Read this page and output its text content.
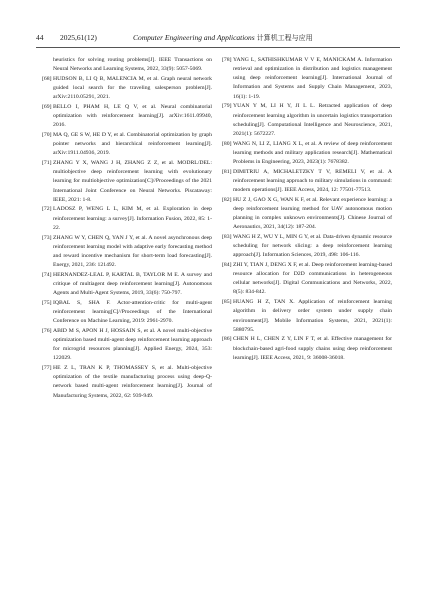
44 2025,61(12)	Computer Engineering and Applications 计算机工程与应用

heuristics for solving routing problems[J]. IEEE Transactions on Neural Networks and Learning Systems, 2022, 33(9): 5057-5069.

[68] HUDSON B, LI Q B, MALENCIA M, et al. Graph neural network guided local search for the traveling salesperson problem[J]. arXiv:2110.05291, 2021.

[69] BELLO I, PHAM H, LE Q V, et al. Neural combinatorial optimization with reinforcement learning[J]. arXiv:1611.09940, 2016.

[70] MA Q, GE S W, HE D Y, et al. Combinatorial optimization by graph pointer networks and hierarchical reinforcement learning[J]. arXiv:1911.04936, 2019.

[71] ZHANG Y X, WANG J H, ZHANG Z Z, et al. MODRL/DEL: multiobjective deep reinforcement learning with evolutionary learning for multiobjective optimization[C]//Proceedings of the 2021 International Joint Conference on Neural Networks. Piscataway: IEEE, 2021: 1-8.

[72] LADOSZ P, WENG L L, KIM M, et al. Exploration in deep reinforcement learning: a survey[J]. Information Fusion, 2022, 85: 1-22.

[73] ZHANG W Y, CHEN Q, YAN J Y, et al. A novel asynchronous deep reinforcement learning model with adaptive early forecasting method and reward incentive mechanism for short-term load forecasting[J]. Energy, 2021, 236: 121492.

[74] HERNANDEZ-LEAL P, KARTAL B, TAYLOR M E. A survey and critique of multiagent deep reinforcement learning[J]. Autonomous Agents and Multi-Agent Systems, 2019, 33(6): 750-797.

[75] IQBAL S, SHA F. Actor-attention-critic for multi-agent reinforcement learning[C]//Proceedings of the International Conference on Machine Learning, 2019: 2961-2970.

[76] ABID M S, APON H J, HOSSAIN S, et al. A novel multi-objective optimization based multi-agent deep reinforcement learning approach for microgrid resources planning[J]. Applied Energy, 2024, 353: 122029.

[77] HE Z L, TRAN K P, THOMASSEY S, et al. Multi-objective optimization of the textile manufacturing process using deep-Q-network based multi-agent reinforcement learning[J]. Journal of Manufacturing Systems, 2022, 62: 939-949.

[78] YANG L, SATHISHKUMAR V V E, MANICKAM A. Information retrieval and optimization in distribution and logistics management using deep reinforcement learning[J]. International Journal of Information and Systems and Supply Chain Management, 2023, 16(1): 1-19.

[79] YUAN Y M, LI H Y, JI L L. Retracted application of deep reinforcement learning algorithm in uncertain logistics transportation scheduling[J]. Computational Intelligence and Neuroscience, 2021, 2021(1): 5672227.

[80] WANG N, LI Z, LIANG X L, et al. A review of deep reinforcement learning methods and military application research[J]. Mathematical Problems in Engineering, 2023, 2023(1): 7678382.

[81] DIMITRIU A, MICHALETZKY T V, REMELI V, et al. A reinforcement learning approach to military simulations in command: modern operations[J]. IEEE Access, 2024, 12: 77501-77513.

[82] HU Z J, GAO X G, WAN K F, et al. Relevant experience learning: a deep reinforcement learning method for UAV autonomous motion planning in complex unknown environments[J]. Chinese Journal of Aeronautics, 2021, 34(12): 187-204.

[83] WANG H Z, WU Y L, MIN G Y, et al. Data-driven dynamic resource scheduling for network slicing: a deep reinforcement learning approach[J]. Information Sciences, 2019, 498: 106-116.

[84] ZHI Y, TIAN J, DENG X F, et al. Deep reinforcement learning-based resource allocation for D2D communications in heterogeneous cellular networks[J]. Digital Communications and Networks, 2022, 8(5): 834-842.

[85] HUANG H Z, TAN X. Application of reinforcement learning algorithm in delivery order system under supply chain environment[J]. Mobile Information Systems, 2021, 2021(1): 5880795.

[86] CHEN H L, CHEN Z Y, LIN F T, et al. Effective management for blockchain-based agri-food supply chains using deep reinforcement learning[J]. IEEE Access, 2021, 9: 36008-36018.
